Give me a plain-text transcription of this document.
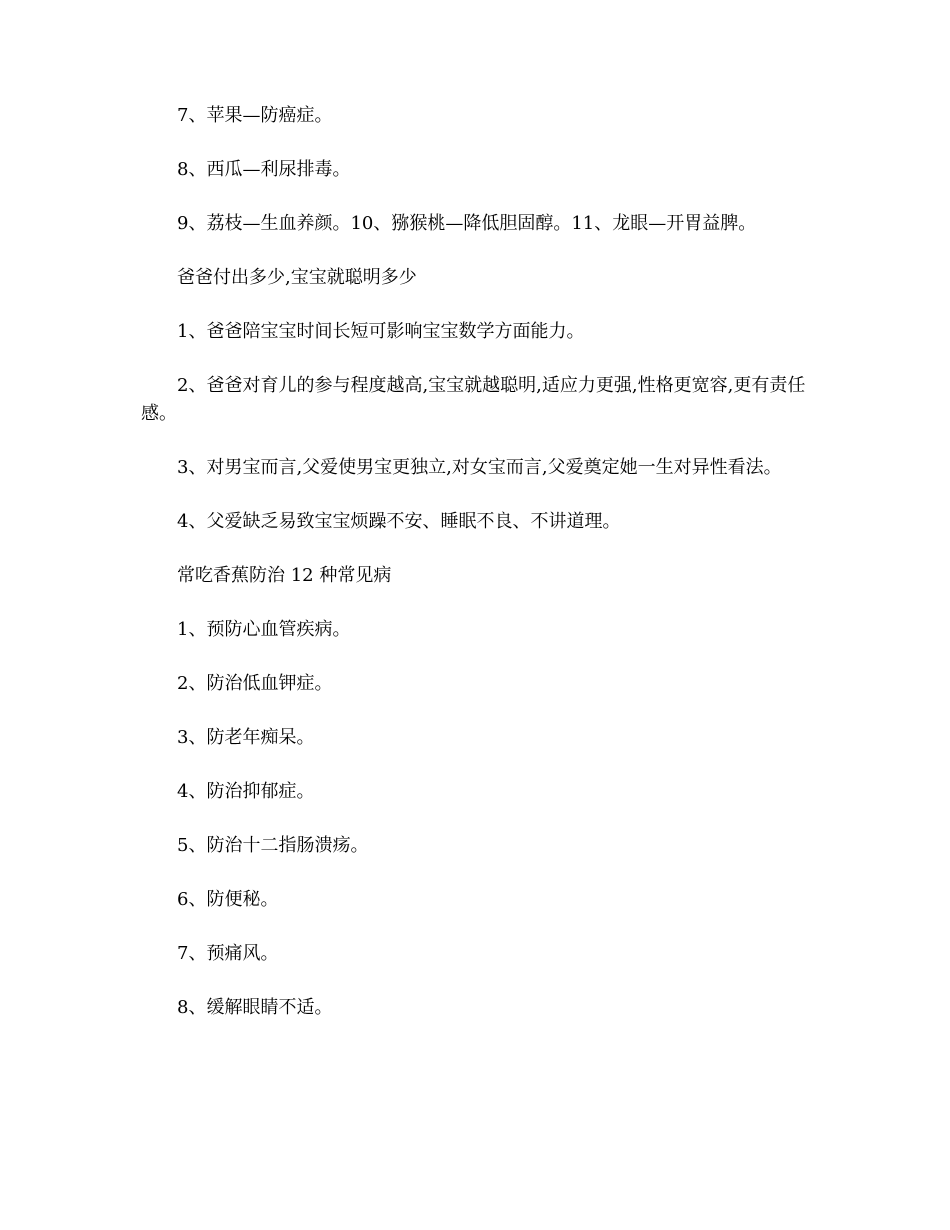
7、苹果—防癌症。

8、西瓜—利尿排毒。

9、荔枝—生血养颜。10、猕猴桃—降低胆固醇。11、龙眼—开胃益脾。

爸爸付出多少,宝宝就聪明多少

1、爸爸陪宝宝时间长短可影响宝宝数学方面能力。

2、爸爸对育儿的参与程度越高,宝宝就越聪明,适应力更强,性格更宽容,更有责任感。

3、对男宝而言,父爱使男宝更独立,对女宝而言,父爱奠定她一生对异性看法。

4、父爱缺乏易致宝宝烦躁不安、睡眠不良、不讲道理。

常吃香蕉防治 12 种常见病

1、预防心血管疾病。

2、防治低血钾症。

3、防老年痴呆。

4、防治抑郁症。

5、防治十二指肠溃疡。

6、防便秘。

7、预痛风。

8、缓解眼睛不适。
